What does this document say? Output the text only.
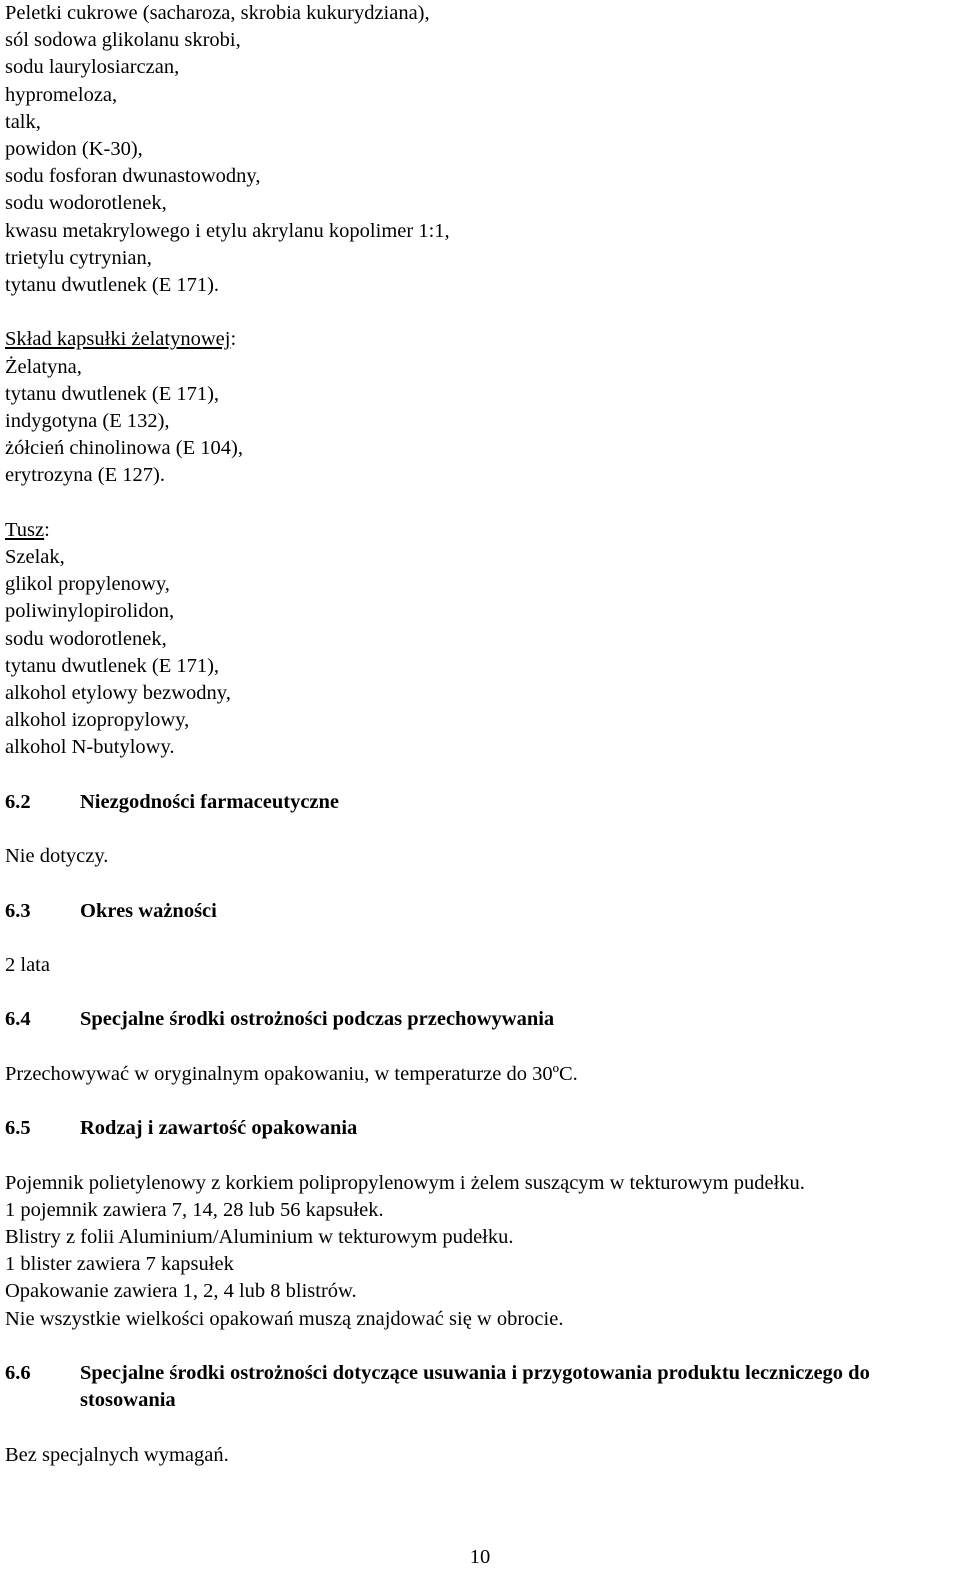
Peletki cukrowe (sacharoza, skrobia kukurydziana),
sól sodowa glikolanu skrobi,
sodu laurylosiarczan,
hypromeloza,
talk,
powidon (K-30),
sodu fosforan dwunastowodny,
sodu wodorotlenek,
kwasu metakrylowego i etylu akrylanu kopolimer 1:1,
trietylu cytrynian,
tytanu dwutlenek (E 171).
Skład kapsułki żelatynowej:
Żelatyna,
tytanu dwutlenek (E 171),
indygotyna (E 132),
żółcień chinolinowa (E 104),
erytrozyna (E 127).
Tusz:
Szelak,
glikol propylenowy,
poliwinylopirolidon,
sodu wodorotlenek,
tytanu dwutlenek (E 171),
alkohol etylowy bezwodny,
alkohol izopropylowy,
alkohol N-butylowy.
6.2	Niezgodności farmaceutyczne
Nie dotyczy.
6.3	Okres ważności
2 lata
6.4	Specjalne środki ostrożności podczas przechowywania
Przechowywać w oryginalnym opakowaniu, w temperaturze do 30ºC.
6.5	Rodzaj i zawartość opakowania
Pojemnik polietylenowy z korkiem polipropylenowym i żelem suszącym w tekturowym pudełku.
1 pojemnik zawiera 7, 14, 28 lub 56 kapsułek.
Blistry z folii Aluminium/Aluminium w tekturowym pudełku.
1 blister zawiera 7 kapsułek
Opakowanie zawiera 1, 2, 4 lub 8 blistrów.
Nie wszystkie wielkości opakowań muszą znajdować się w obrocie.
6.6	Specjalne środki ostrożności dotyczące usuwania i przygotowania produktu leczniczego do stosowania
Bez specjalnych wymagań.
10
